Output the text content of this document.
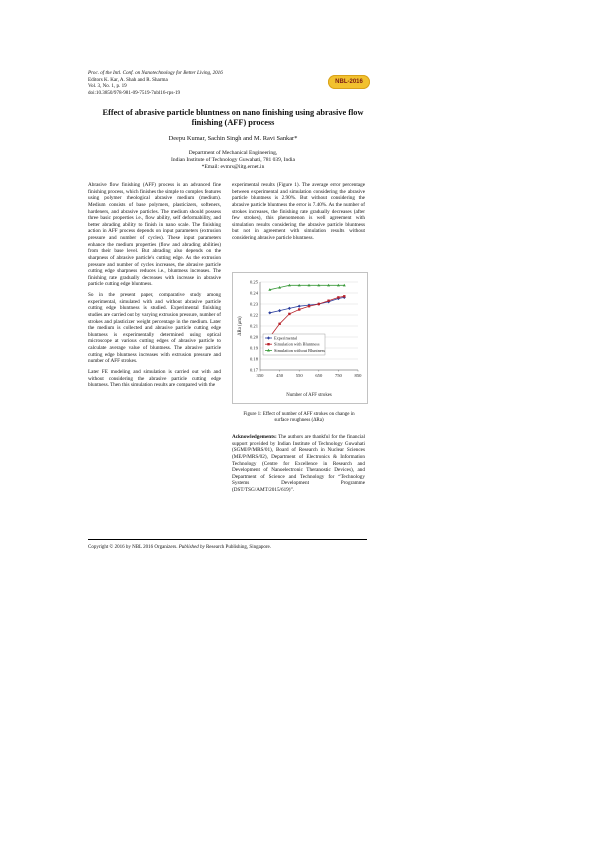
Proc. of the Intl. Conf. on Nanotechnology for Better Living, 2016
Editors K. Kar, A. Shah and R. Sharma
Vol. 3, No. 1, p. 19
doi:10.3850/978-981-09-7519-7nbl16-rps-19
NBL-2016
Effect of abrasive particle bluntness on nano finishing using abrasive flow finishing (AFF) process
Deepu Kumar, Sachin Singh and M. Ravi Sankar*
Department of Mechanical Engineering,
Indian Institute of Technology Guwahati, 781 039, India
*Email: evmrs@iitg.ernet.in

Abrasive flow finishing (AFF) process is an advanced fine finishing process, which finishes the simple to complex features using polymer rheological abrasive medium (medium). Medium consists of base polymers, plasticizers, softeners, hardeners, and abrasive particles. The medium should possess three basic properties i.e., flow ability, self deformability, and better abrading ability to finish in nano scale. The finishing action in AFF process depends on input parameters (extrusion pressure and number of cycles). These input parameters enhance the medium properties (flow and abrading abilities) from their base level. But abrading also depends on the sharpness of abrasive particle's cutting edge. As the extrusion pressure and number of cycles increases, the abrasive particle cutting edge sharpness reduces i.e., bluntness increases. The finishing rate gradually decreases with increase in abrasive particle cutting edge bluntness.

So in the present paper, comparative study among experimental, simulated with and without abrasive particle cutting edge bluntness is studied. Experimental finishing studies are carried out by varying extrusion pressure, number of strokes and plasticizer weight percentage in the medium. Later the medium is collected and abrasive particle cutting edge bluntness is experimentally determined using optical microscope at various cutting edges of abrasive particle to calculate average value of bluntness. The abrasive particle cutting edge bluntness increases with extrusion pressure and number of AFF strokes.

Later FE modeling and simulation is carried out with and without considering the abrasive particle cutting edge bluntness. Then this simulation results are compared with the

experimental results (Figure 1). The average error percentage between experimental and simulation considering the abrasive particle bluntness is 2.90%. But without considering the abrasive particle bluntness the error is 7.40%. As the number of strokes increases, the finishing rate gradually decreases (after few strokes), this phenomenon is well agreement with simulation results considering the abrasive particle bluntness but not in agreement with simulation results without considering abrasive particle bluntness.

0.17
0.18
0.19
0.20
0.21
0.22
0.23
0.24
0.25
350	450	550	650	750	850
Number of AFF strokes
ΔRa (μm)
Experimental
Simulation with Bluntness
Simulation without Bluntness
Figure 1: Effect of number of AFF strokes on change in surface roughness (ΔRa)

Acknowledgements: The authors are thankful for the financial support provided by Indian Institute of Technology Guwahati (SGMI/P/MRS/01), Board of Research in Nuclear Sciences (ME/P/MRS/02), Department of Electronics & Information Technology (Centre for Excellence in Research and Development of Nanoelectronic Theranostic Devices), and Department of Science and Technology for “Technology Systems Development Programme (DST/TSG/AMT/2015/619)”.

Copyright © 2016 by NBL 2016 Organizers. Published by Research Publishing, Singapore.
